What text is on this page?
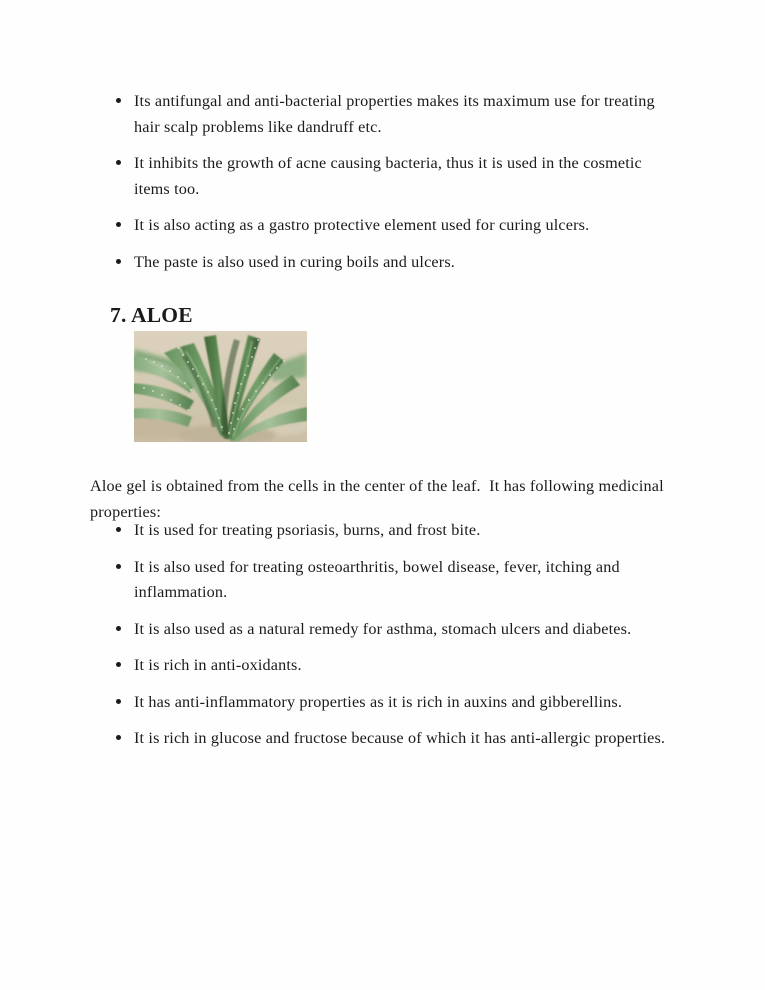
Its antifungal and anti-bacterial properties makes its maximum use for treating hair scalp problems like dandruff etc.
It inhibits the growth of acne causing bacteria, thus it is used in the cosmetic items too.
It is also acting as a gastro protective element used for curing ulcers.
The paste is also used in curing boils and ulcers.
7. ALOE

Aloe gel is obtained from the cells in the center of the leaf.  It has following medicinal properties:

It is used for treating psoriasis, burns, and frost bite.
It is also used for treating osteoarthritis, bowel disease, fever, itching and inflammation.
It is also used as a natural remedy for asthma, stomach ulcers and diabetes.
It is rich in anti-oxidants.
It has anti-inflammatory properties as it is rich in auxins and gibberellins.
It is rich in glucose and fructose because of which it has anti-allergic properties.
